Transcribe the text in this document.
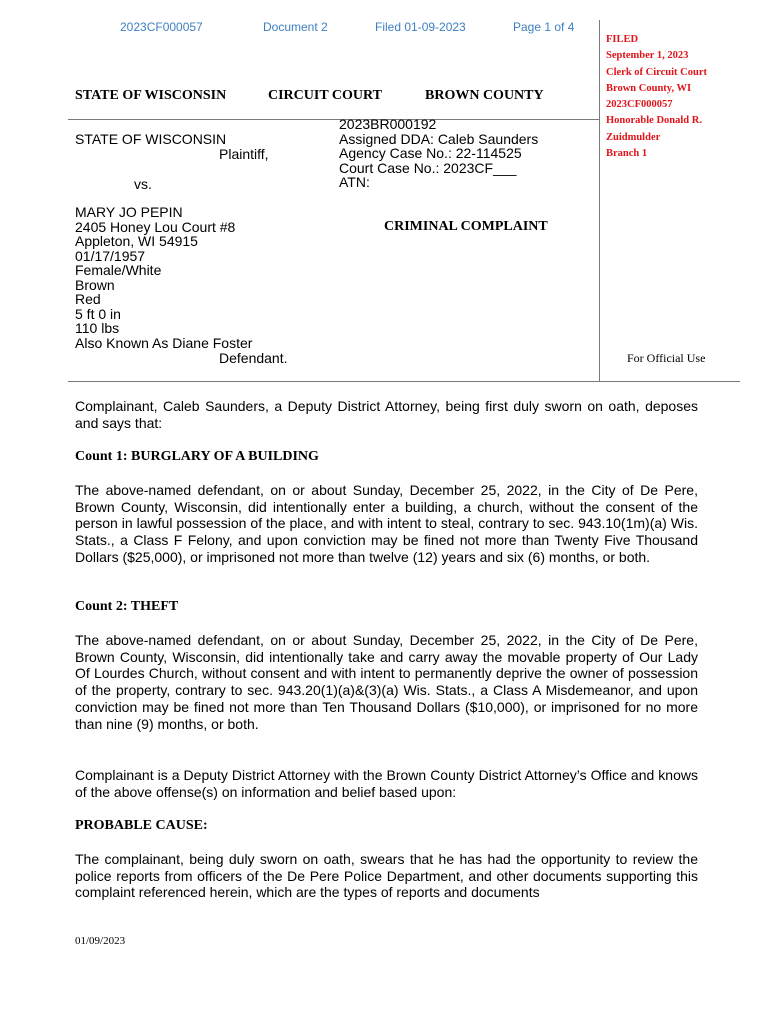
2023CF000057	Document 2	Filed 01-09-2023	Page 1 of 4
FILED
September 1, 2023
Clerk of Circuit Court
Brown County, WI
2023CF000057
Honorable Donald R.
Zuidmulder
Branch 1
STATE OF WISCONSIN	CIRCUIT COURT	BROWN COUNTY
STATE OF WISCONSIN
Plaintiff,
vs.
MARY JO PEPIN
2405 Honey Lou Court #8
Appleton, WI 54915
01/17/1957
Female/White
Brown
Red
5 ft 0 in
110 lbs
Also Known As Diane Foster
Defendant.
2023BR000192
Assigned DDA: Caleb Saunders
Agency Case No.: 22-114525
Court Case No.: 2023CF___
ATN:
CRIMINAL COMPLAINT
For Official Use
Complainant, Caleb Saunders, a Deputy District Attorney, being first duly sworn on oath, deposes and says that:
Count 1: BURGLARY OF A BUILDING
The above-named defendant, on or about Sunday, December 25, 2022, in the City of De Pere, Brown County, Wisconsin, did intentionally enter a building, a church, without the consent of the person in lawful possession of the place, and with intent to steal, contrary to sec. 943.10(1m)(a) Wis. Stats., a Class F Felony, and upon conviction may be fined not more than Twenty Five Thousand Dollars ($25,000), or imprisoned not more than twelve (12) years and six (6) months, or both.
Count 2: THEFT
The above-named defendant, on or about Sunday, December 25, 2022, in the City of De Pere, Brown County, Wisconsin, did intentionally take and carry away the movable property of Our Lady Of Lourdes Church, without consent and with intent to permanently deprive the owner of possession of the property, contrary to sec. 943.20(1)(a)&(3)(a) Wis. Stats., a Class A Misdemeanor, and upon conviction may be fined not more than Ten Thousand Dollars ($10,000), or imprisoned for no more than nine (9) months, or both.
Complainant is a Deputy District Attorney with the Brown County District Attorney’s Office and knows of the above offense(s) on information and belief based upon:
PROBABLE CAUSE:
The complainant, being duly sworn on oath, swears that he has had the opportunity to review the police reports from officers of the De Pere Police Department, and other documents supporting this complaint referenced herein, which are the types of reports and documents
01/09/2023
